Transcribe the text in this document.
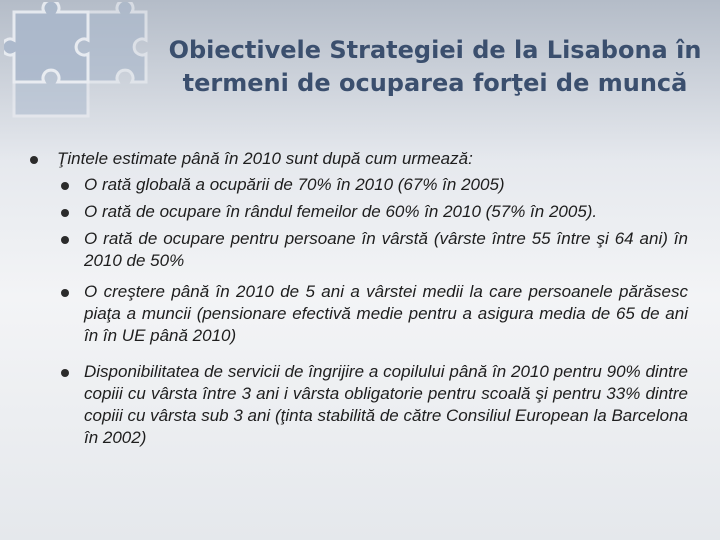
Obiectivele Strategiei de la Lisabona în
termeni de ocuparea forţei de muncă
Ţintele estimate până în 2010 sunt după cum urmează:
O rată globală a ocupării de 70% în 2010 (67% în 2005)
O rată de ocupare în rândul femeilor de 60% în 2010 (57% în 2005).
O rată de ocupare pentru persoane în vârstă (vârste între 55 între şi 64 ani) în 2010 de 50%
O creştere până în 2010 de 5 ani a vârstei medii la care persoanele părăsesc piaţa a muncii (pensionare efectivă medie pentru a asigura media de 65 de ani în în UE până 2010)
Disponibilitatea de servicii de îngrijire a copilului până în 2010 pentru 90% dintre copiii cu vârsta între 3 ani i vârsta obligatorie pentru scoală şi pentru 33% dintre copiii cu vârsta sub 3 ani (ţinta stabilită de către Consiliul European la Barcelona în 2002)
